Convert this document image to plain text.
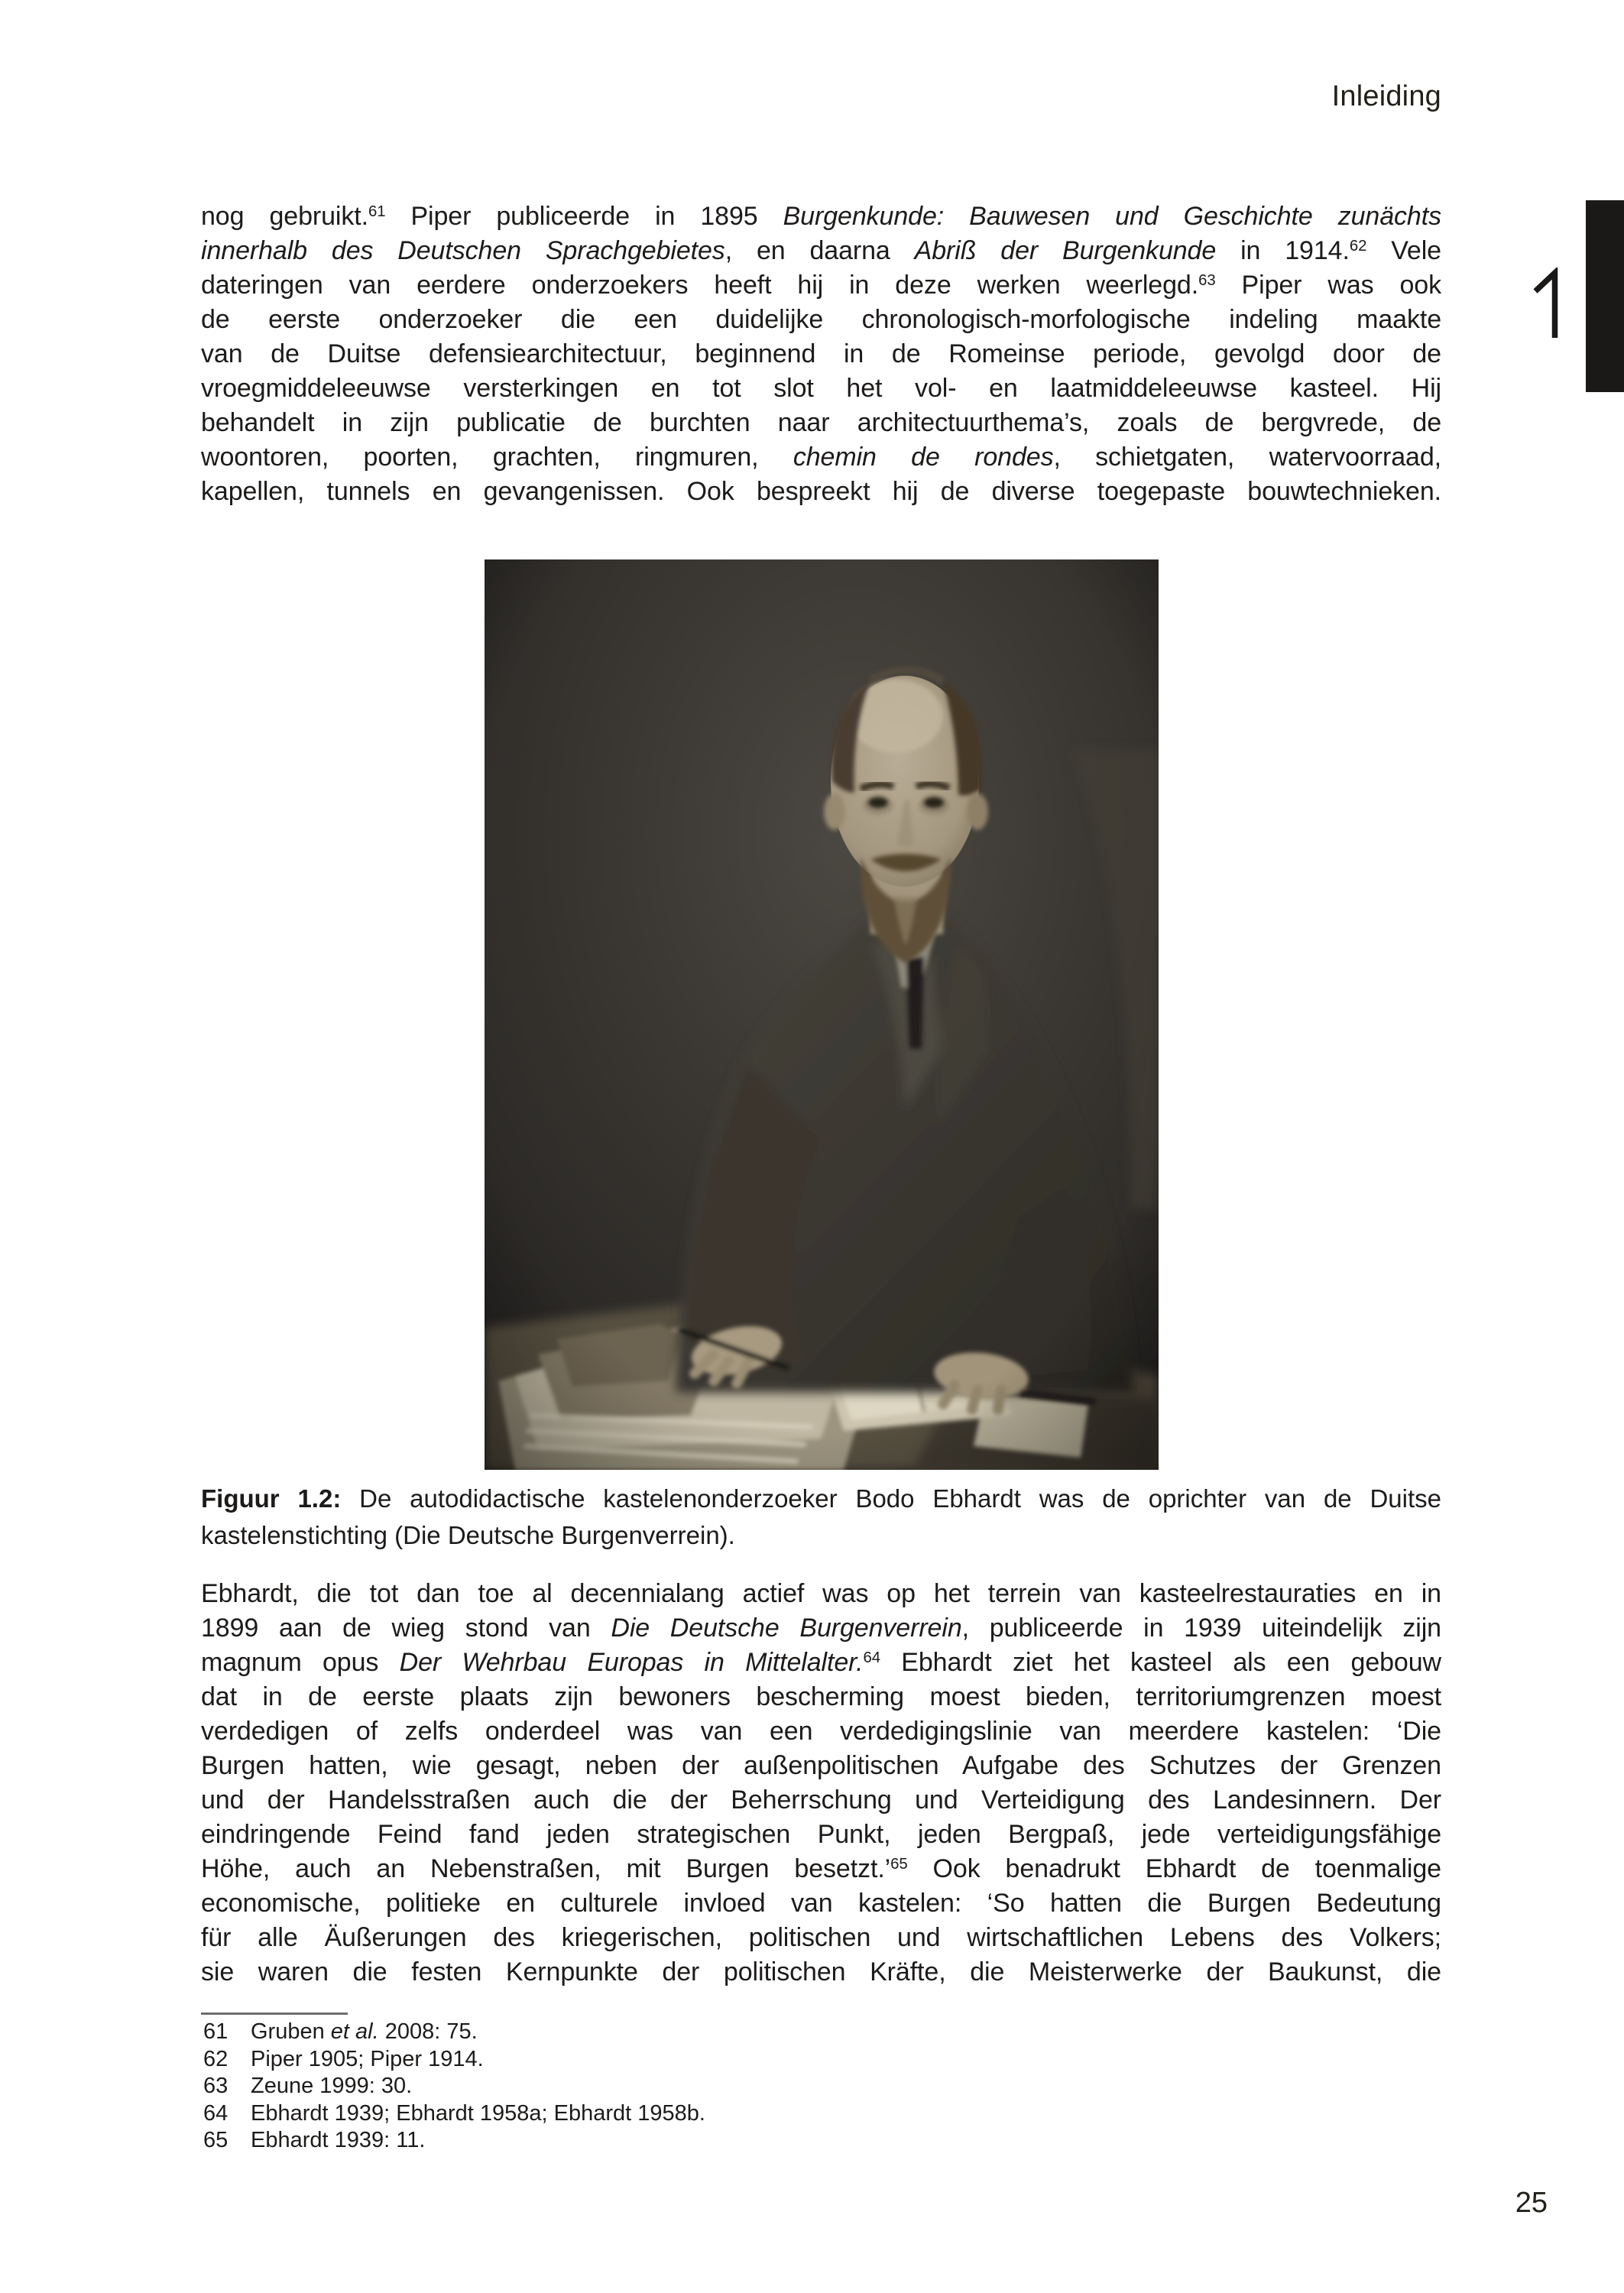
Inleiding
nog gebruikt.$^{61}$ Piper publiceerde in 1895 Burgenkunde: Bauwesen und Geschichte zunächts
innerhalb des Deutschen Sprachgebietes, en daarna Abriß der Burgenkunde in 1914.62 Vele
dateringen van eerdere onderzoekers heeft hij in deze werken weerlegd.$^{63}$ Piper was ook
de eerste onderzoeker die een duidelijke chronologisch-morfologische indeling maakte
van de Duitse defensiearchitectuur, beginnend in de Romeinse periode, gevolgd door de
vroegmiddeleeuwse versterkingen en tot slot het vol- en laatmiddeleeuwse kasteel. Hij
behandelt in zijn publicatie de burchten naar architectuurthema’s, zoals de bergvrede, de
woontoren, poorten, grachten, ringmuren, chemin de rondes, schietgaten, watervoorraad,
kapellen, tunnels en gevangenissen. Ook bespreekt hij de diverse toegepaste bouwtechnieken.
Figuur 1.2: De autodidactische kastelenonderzoeker Bodo Ebhardt was de oprichter van de Duitse
kastelenstichting (Die Deutsche Burgenverrein).
Ebhardt, die tot dan toe al decennialang actief was op het terrein van kasteelrestauraties en in
1899 aan de wieg stond van Die Deutsche Burgenverrein, publiceerde in 1939 uiteindelijk zijn
magnum opus Der Wehrbau Europas in Mittelalter.$^{64}$ Ebhardt ziet het kasteel als een gebouw
dat in de eerste plaats zijn bewoners bescherming moest bieden, territoriumgrenzen moest
verdedigen of zelfs onderdeel was van een verdedigingslinie van meerdere kastelen: ‘Die
Burgen hatten, wie gesagt, neben der außenpolitischen Aufgabe des Schutzes der Grenzen
und der Handelsstraßen auch die der Beherrschung und Verteidigung des Landesinnern. Der
eindringende Feind fand jeden strategischen Punkt, jeden Bergpaß, jede verteidigungsfähige
Höhe, auch an Nebenstraßen, mit Burgen besetzt.’$^{65}$ Ook benadrukt Ebhardt de toenmalige
economische, politieke en culturele invloed van kastelen: ‘So hatten die Burgen Bedeutung
für alle Äußerungen des kriegerischen, politischen und wirtschaftlichen Lebens des Volkers;
sie waren die festen Kernpunkte der politischen Kräfte, die Meisterwerke der Baukunst, die
61 Gruben et al. 2008: 75.
62 Piper 1905; Piper 1914.
63 Zeune 1999: 30.
64 Ebhardt 1939; Ebhardt 1958a; Ebhardt 1958b.
65 Ebhardt 1939: 11.
25
